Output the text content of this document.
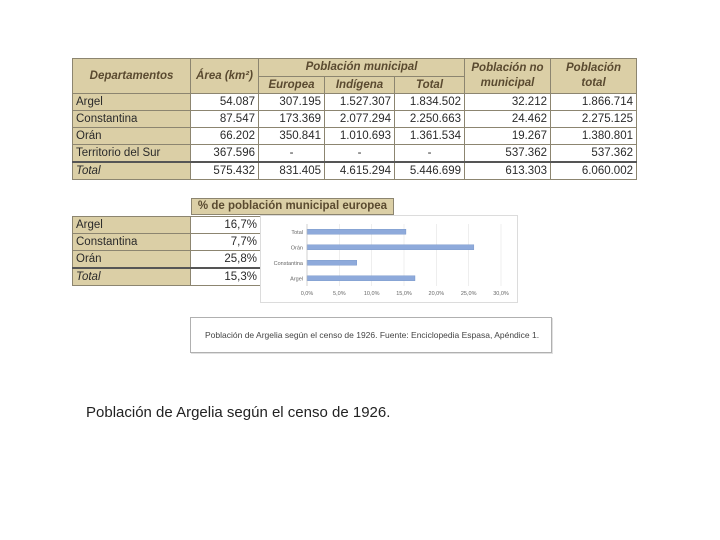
Departamentos	Área (km²)	Población municipal			Población no municipal	Población total
		Europea	Indígena	Total		
Argel	54.087	307.195	1.527.307	1.834.502	32.212	1.866.714
Constantina	87.547	173.369	2.077.294	2.250.663	24.462	2.275.125
Orán	66.202	350.841	1.010.693	1.361.534	19.267	1.380.801
Territorio del Sur	367.596	-	-	-	537.362	537.362
Total	575.432	831.405	4.615.294	5.446.699	613.303	6.060.002
% de población municipal europea
Argel	16,7%
Constantina	7,7%
Orán	25,8%
Total	15,3%
0,0%	5,0%	10,0%	15,0%	20,0%	25,0%	30,0%
Total
Orán
Constantina
Argel
Población de Argelia según el censo de 1926. Fuente: Enciclopedia Espasa, Apéndice 1.
Población de Argelia según el censo de 1926.
